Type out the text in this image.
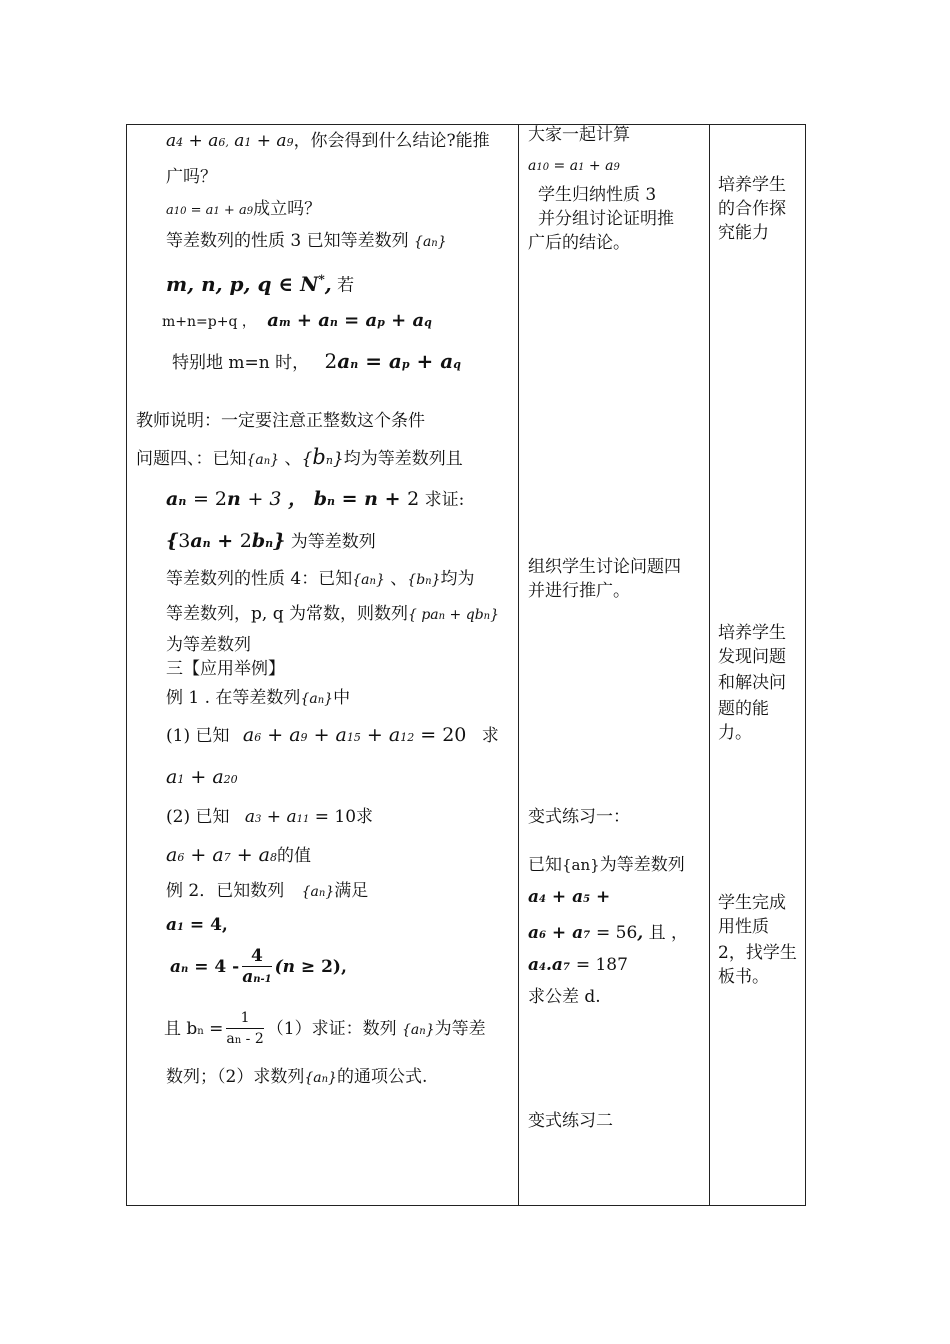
a4 + a6, a1 + a9，你会得到什么结论?能推
广吗？
a10 = a1 + a9成立吗？
等差数列的性质 3 已知等差数列 {an}
m, n, p, q ∈ N*, 若
m+n=p+q ， am + an = ap + aq
特别地 m=n 时， 2an = ap + aq
教师说明：一定要注意正整数这个条件
问题四、：已知{an} 、{bn}均为等差数列且
an = 2n + 3 ， bn = n + 2 求证:
{3an + 2bn} 为等差数列
等差数列的性质 4：已知{an} 、{bn}均为
等差数列，p, q 为常数，则数列{ pan + qbn}
为等差数列
三【应用举例】
例 1 . 在等差数列{an}中
(1) 已知 a6 + a9 + a15 + a12 = 20 求
a1 + a20
(2) 已知 a3 + a11 = 10求
a6 + a7 + a8的值
例 2．已知数列 {an}满足
a1 = 4,
an = $4 - \frac{4}{an-1} (n \ge 2)$,
且 bn = $\frac{1}{an - 2} (1)$求证：数列 {an}为等差
数列；（2）求数列{an}的通项公式.
大家一起计算
a10 = a1 + a9
学生归纳性质 3
并分组讨论证明推
广后的结论。
组织学生讨论问题四
并进行推广。
变式练习一：
已知{an}为等差数列
a4 + a5 +
a6 + a7 = 56, 且 ，
a4.a7 = 187
求公差 d.
变式练习二
培养学生
的合作探
究能力
培养学生
发现问题
和解决问
题的能
力。
学生完成
用性质
2，找学生
板书。
